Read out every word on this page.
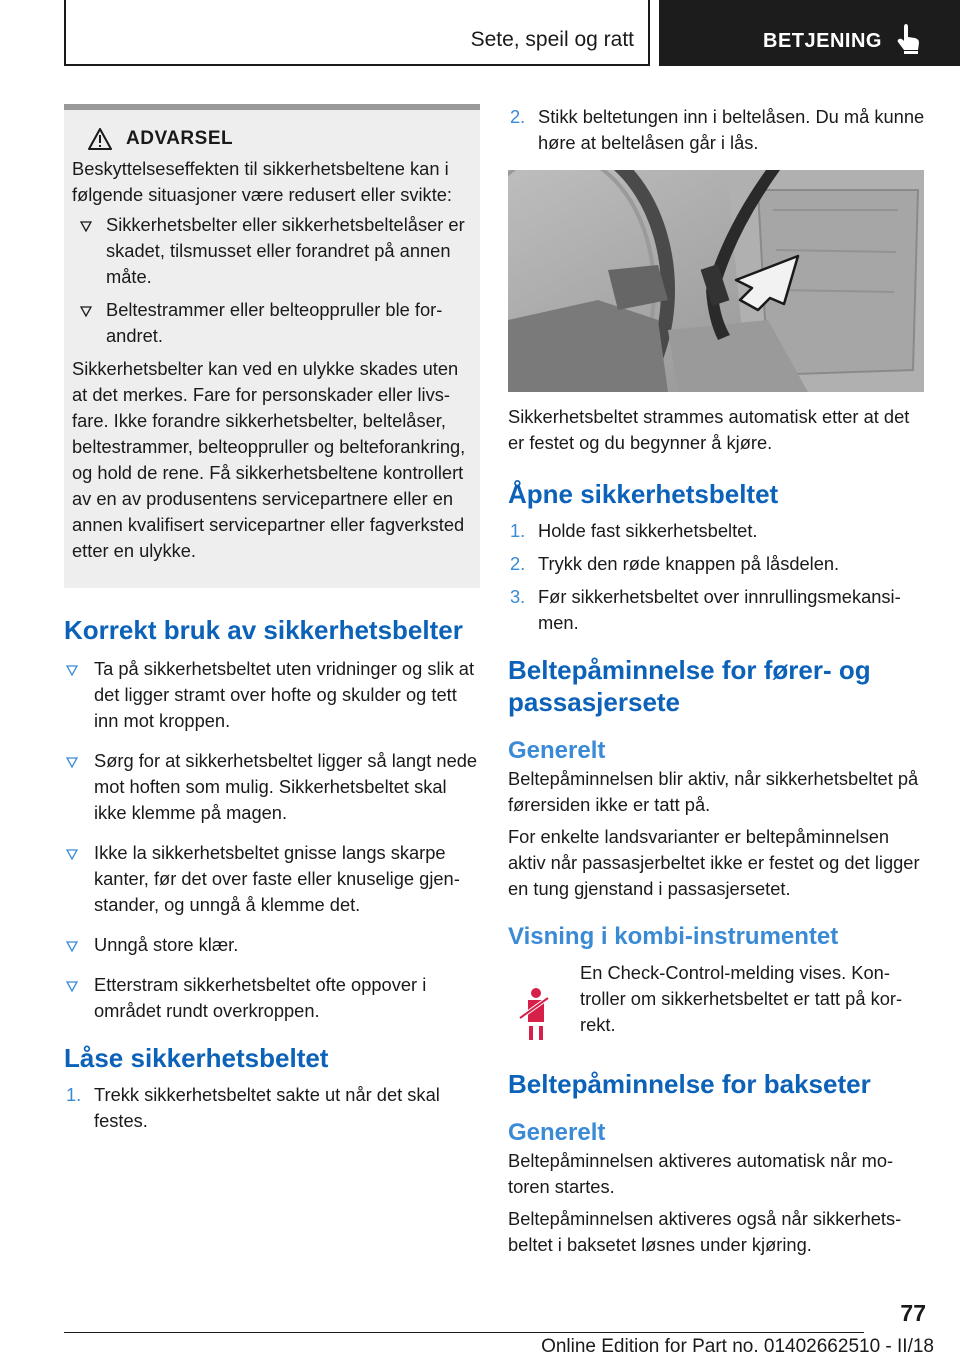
Sete, speil og ratt	BETJENING
ADVARSEL

Beskyttelseseffekten til sikkerhetsbeltene kan i følgende situasjoner være redusert eller svikte:

Sikkerhetsbelter eller sikkerhetsbeltelåser er skadet, tilsmusset eller forandret på annen måte.
Beltestrammer eller belteoppruller ble forandret.

Sikkerhetsbelter kan ved en ulykke skades uten at det merkes. Fare for personskader eller livsfare. Ikke forandre sikkerhetsbelter, beltelåser, beltestrammer, belteoppruller og belteforankring, og hold de rene. Få sikkerhetsbeltene kontrollert av en av produsentens servicepartnere eller en annen kvalifisert servicepartner eller fagverksted etter en ulykke.

Korrekt bruk av sikkerhetsbelter
Ta på sikkerhetsbeltet uten vridninger og slik at det ligger stramt over hofte og skulder og tett inn mot kroppen.
Sørg for at sikkerhetsbeltet ligger så langt nede mot hoften som mulig. Sikkerhetsbeltet skal ikke klemme på magen.
Ikke la sikkerhetsbeltet gnisse langs skarpe kanter, før det over faste eller knuselige gjenstander, og unngå å klemme det.
Unngå store klær.
Etterstram sikkerhetsbeltet ofte oppover i området rundt overkroppen.
Låse sikkerhetsbeltet
1. Trekk sikkerhetsbeltet sakte ut når det skal festes.
2. Stikk beltetungen inn i beltelåsen. Du må kunne høre at beltelåsen går i lås.

Sikkerhetsbeltet strammes automatisk etter at det er festet og du begynner å kjøre.

Åpne sikkerhetsbeltet
1. Holde fast sikkerhetsbeltet.
2. Trykk den røde knappen på låsdelen.
3. Før sikkerhetsbeltet over innrullingsmekansimen.
Beltepåminnelse for fører- og passasjersete
Generelt

Beltepåminnelsen blir aktiv, når sikkerhetsbeltet på førersiden ikke er tatt på.

For enkelte landsvarianter er beltepåminnelsen aktiv når passasjerbeltet ikke er festet og det ligger en tung gjenstand i passasjersetet.

Visning i kombi-instrumentet

En Check-Control-melding vises. Kontroller om sikkerhetsbeltet er tatt på korrekt.

Beltepåminnelse for bakseter
Generelt

Beltepåminnelsen aktiveres automatisk når motoren startes.

Beltepåminnelsen aktiveres også når sikkerhetsbeltet i baksetet løsnes under kjøring.

77
Online Edition for Part no. 01402662510 - II/18
